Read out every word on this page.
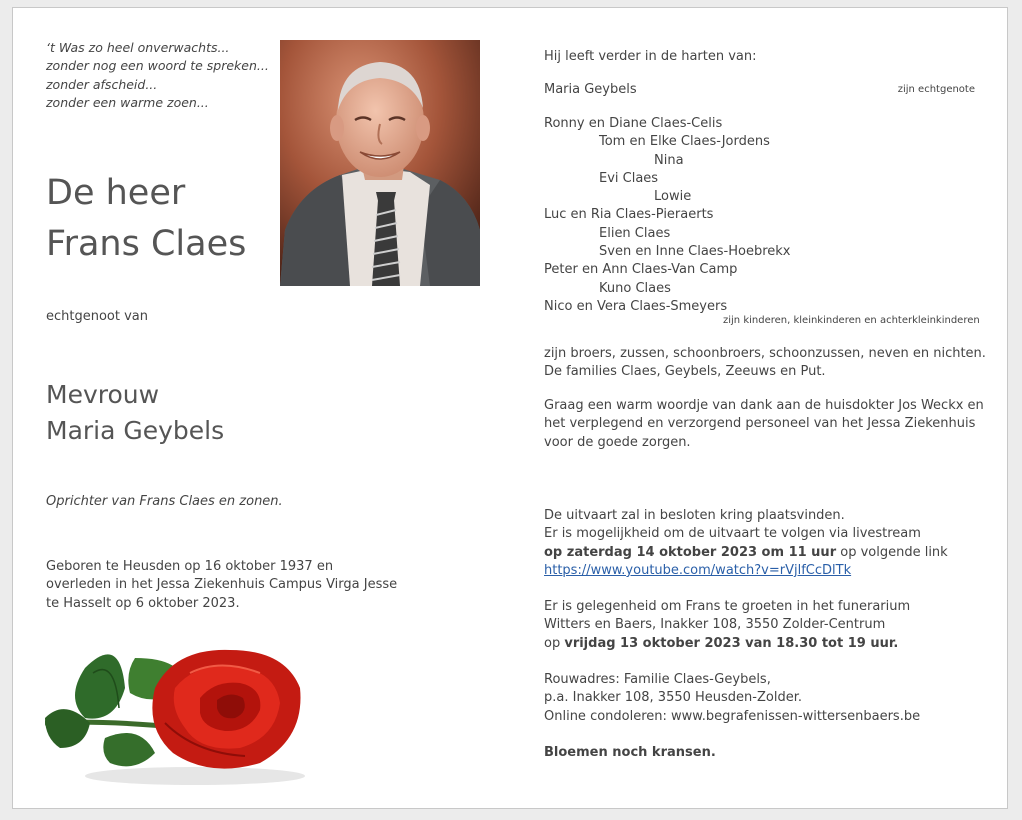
‘t Was zo heel onverwachts...
zonder nog een woord te spreken...
zonder afscheid...
zonder een warme zoen...
De heer
Frans Claes
echtgenoot van
Mevrouw
Maria Geybels
Oprichter van Frans Claes en zonen.
Geboren te Heusden op 16 oktober 1937 en
overleden in het Jessa Ziekenhuis Campus Virga Jesse
te Hasselt op 6 oktober 2023.
Hij leeft verder in de harten van:
Maria Geybels	zijn echtgenote
Ronny en Diane Claes-Celis
Tom en Elke Claes-Jordens
Nina
Evi Claes
Lowie
Luc en Ria Claes-Pieraerts
Elien Claes
Sven en Inne Claes-Hoebrekx
Peter en Ann Claes-Van Camp
Kuno Claes
Nico en Vera Claes-Smeyers
zijn kinderen, kleinkinderen en achterkleinkinderen
zijn broers, zussen, schoonbroers, schoonzussen, neven en nichten.
De families Claes, Geybels, Zeeuws en Put.
Graag een warm woordje van dank aan de huisdokter Jos Weckx en
het verplegend en verzorgend personeel van het Jessa Ziekenhuis
voor de goede zorgen.
De uitvaart zal in besloten kring plaatsvinden.
Er is mogelijkheid om de uitvaart te volgen via livestream
op zaterdag 14 oktober 2023 om 11 uur op volgende link
https://www.youtube.com/watch?v=rVjlfCcDlTk
Er is gelegenheid om Frans te groeten in het funerarium
Witters en Baers, Inakker 108, 3550 Zolder-Centrum
op vrijdag 13 oktober 2023 van 18.30 tot 19 uur.
Rouwadres: Familie Claes-Geybels,
p.a. Inakker 108, 3550 Heusden-Zolder.
Online condoleren: www.begrafenissen-wittersenbaers.be
Bloemen noch kransen.
